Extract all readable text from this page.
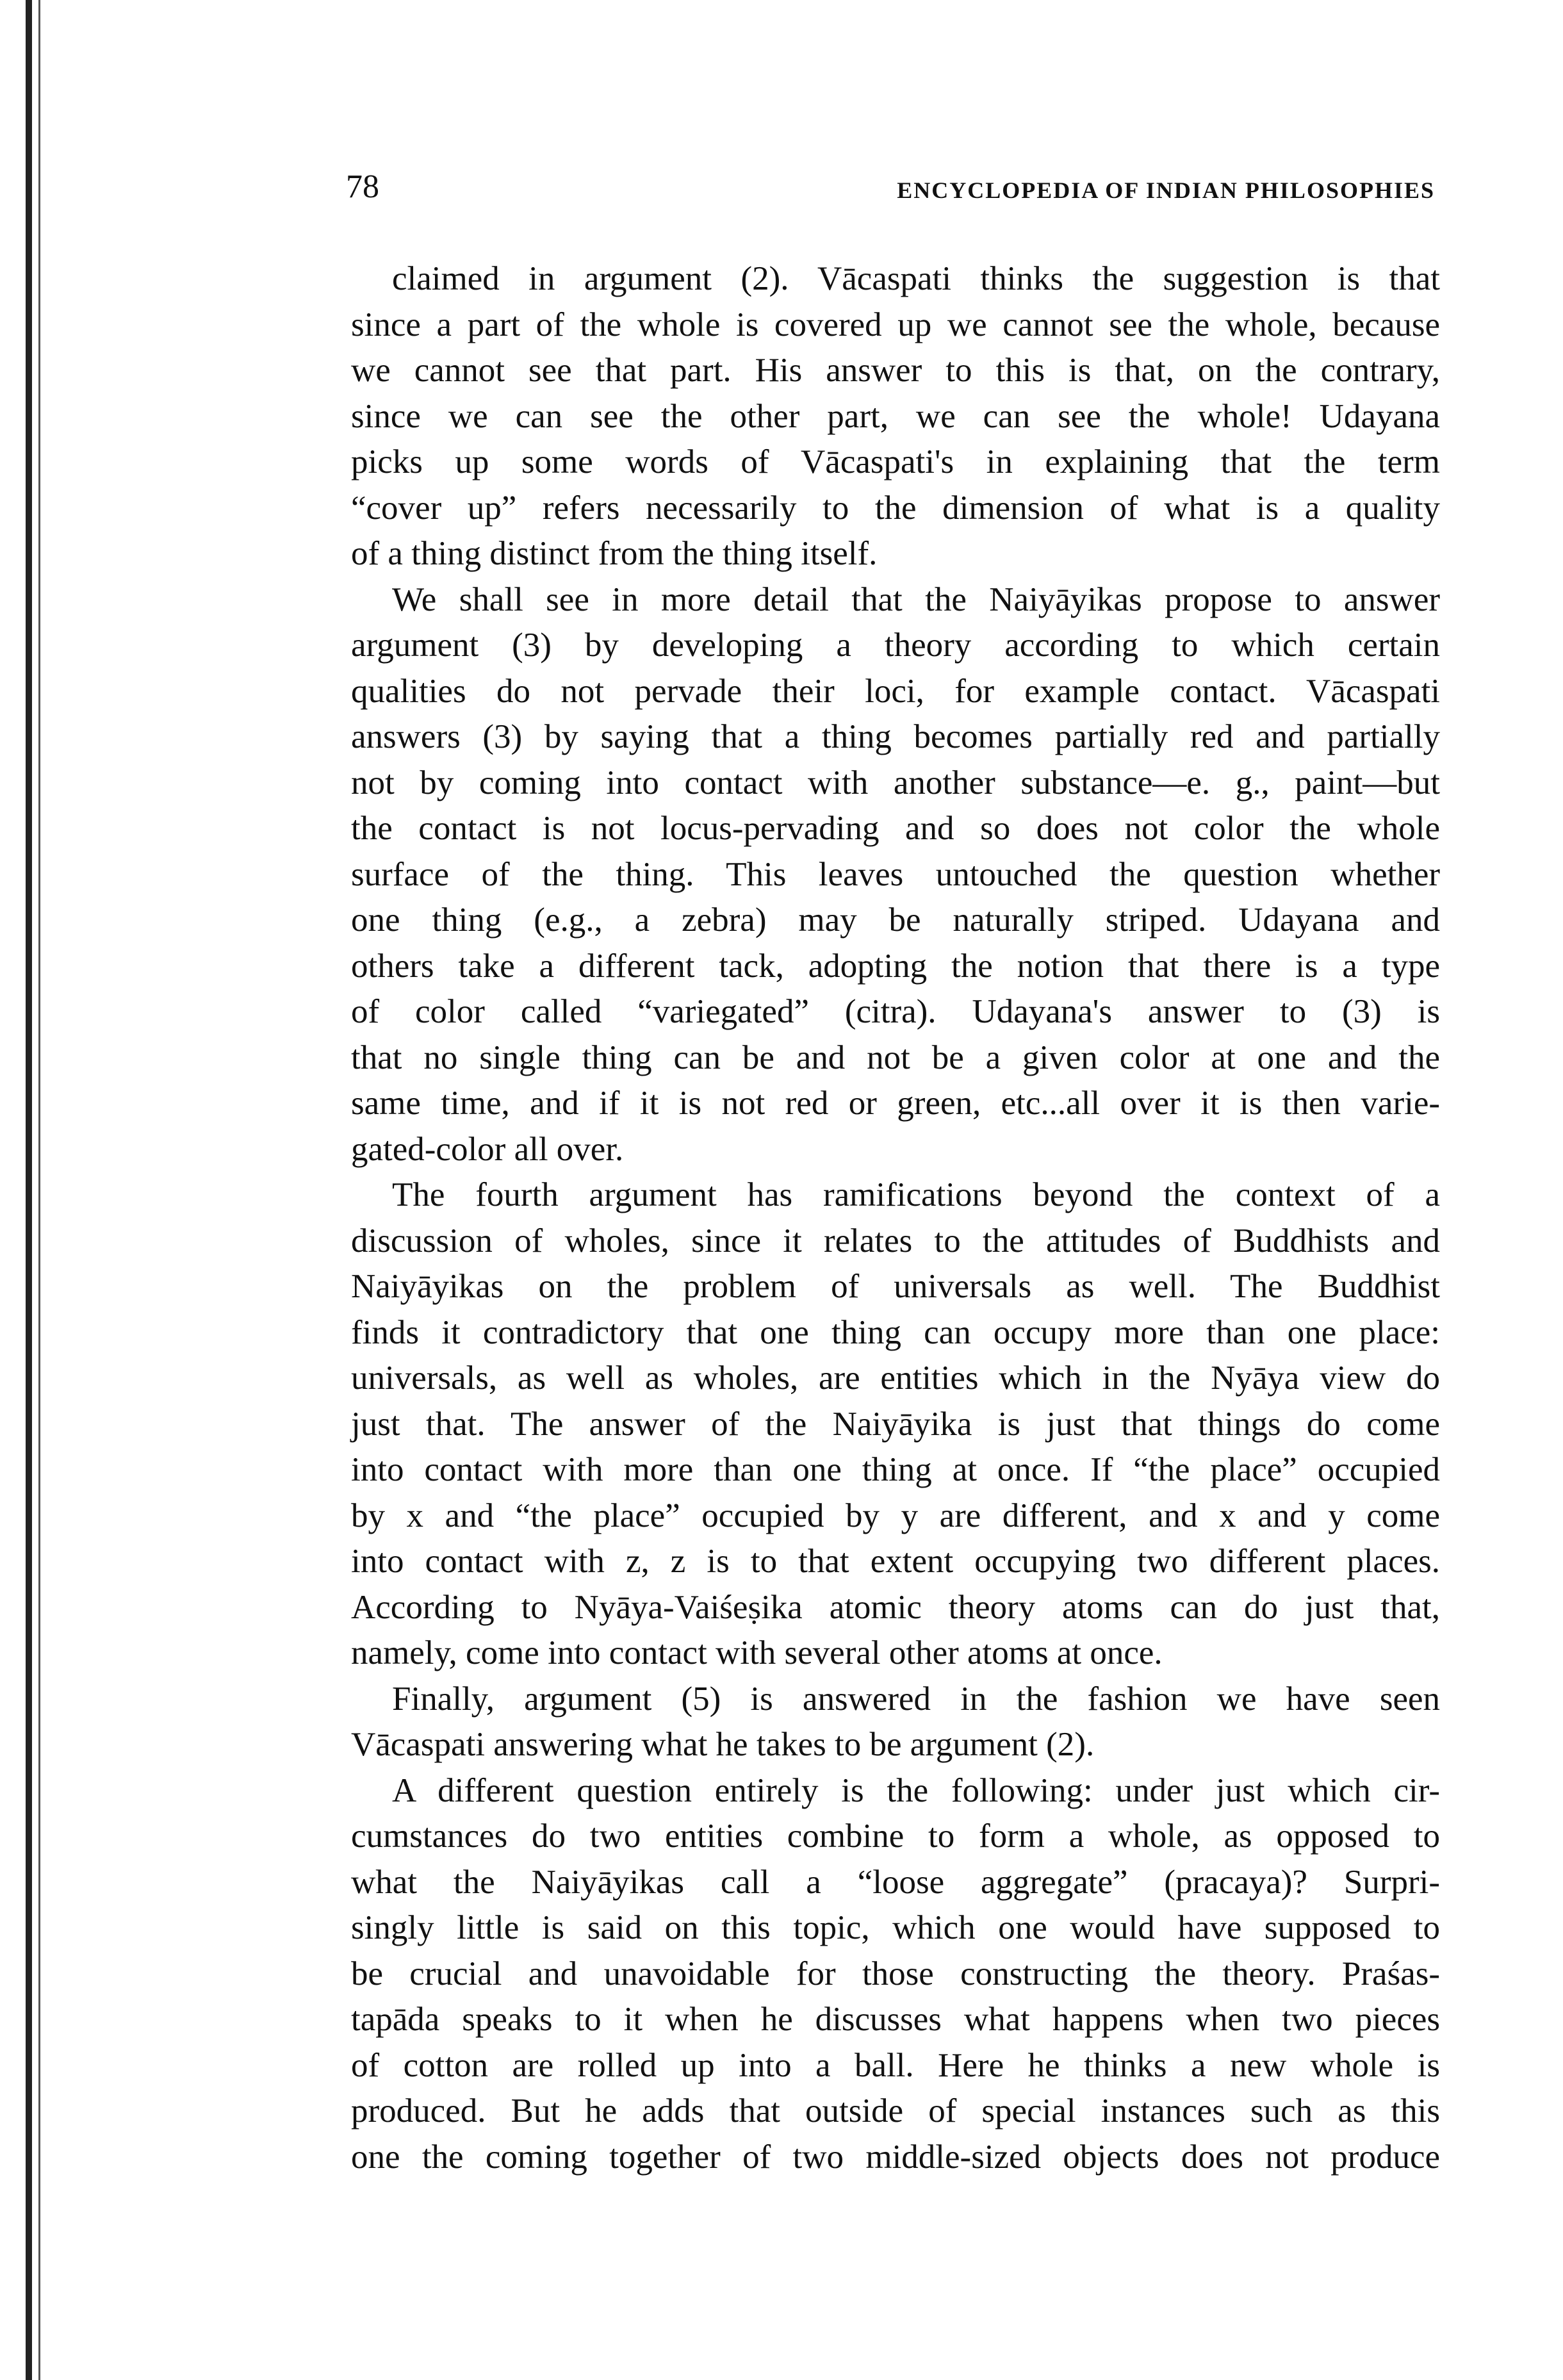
78	ENCYCLOPEDIA OF INDIAN PHILOSOPHIES
claimed in argument (2). Vācaspati thinks the suggestion is that
since a part of the whole is covered up we cannot see the whole, because
we cannot see that part. His answer to this is that, on the contrary,
since we can see the other part, we can see the whole! Udayana
picks up some words of Vācaspati's in explaining that the term
“cover up” refers necessarily to the dimension of what is a quality
of a thing distinct from the thing itself.
We shall see in more detail that the Naiyāyikas propose to answer
argument (3) by developing a theory according to which certain
qualities do not pervade their loci, for example contact. Vācaspati
answers (3) by saying that a thing becomes partially red and partially
not by coming into contact with another substance—e. g., paint—but
the contact is not locus-pervading and so does not color the whole
surface of the thing. This leaves untouched the question whether
one thing (e.g., a zebra) may be naturally striped. Udayana and
others take a different tack, adopting the notion that there is a type
of color called “variegated” (citra). Udayana's answer to (3) is
that no single thing can be and not be a given color at one and the
same time, and if it is not red or green, etc...all over it is then varie-
gated-color all over.
The fourth argument has ramifications beyond the context of a
discussion of wholes, since it relates to the attitudes of Buddhists and
Naiyāyikas on the problem of universals as well. The Buddhist
finds it contradictory that one thing can occupy more than one place:
universals, as well as wholes, are entities which in the Nyāya view do
just that. The answer of the Naiyāyika is just that things do come
into contact with more than one thing at once. If “the place” occupied
by x and “the place” occupied by y are different, and x and y come
into contact with z, z is to that extent occupying two different places.
According to Nyāya-Vaiśeṣika atomic theory atoms can do just that,
namely, come into contact with several other atoms at once.
Finally, argument (5) is answered in the fashion we have seen
Vācaspati answering what he takes to be argument (2).
A different question entirely is the following: under just which cir-
cumstances do two entities combine to form a whole, as opposed to
what the Naiyāyikas call a “loose aggregate” (pracaya)? Surpri-
singly little is said on this topic, which one would have supposed to
be crucial and unavoidable for those constructing the theory. Praśas-
tapāda speaks to it when he discusses what happens when two pieces
of cotton are rolled up into a ball. Here he thinks a new whole is
produced. But he adds that outside of special instances such as this
one the coming together of two middle-sized objects does not produce
